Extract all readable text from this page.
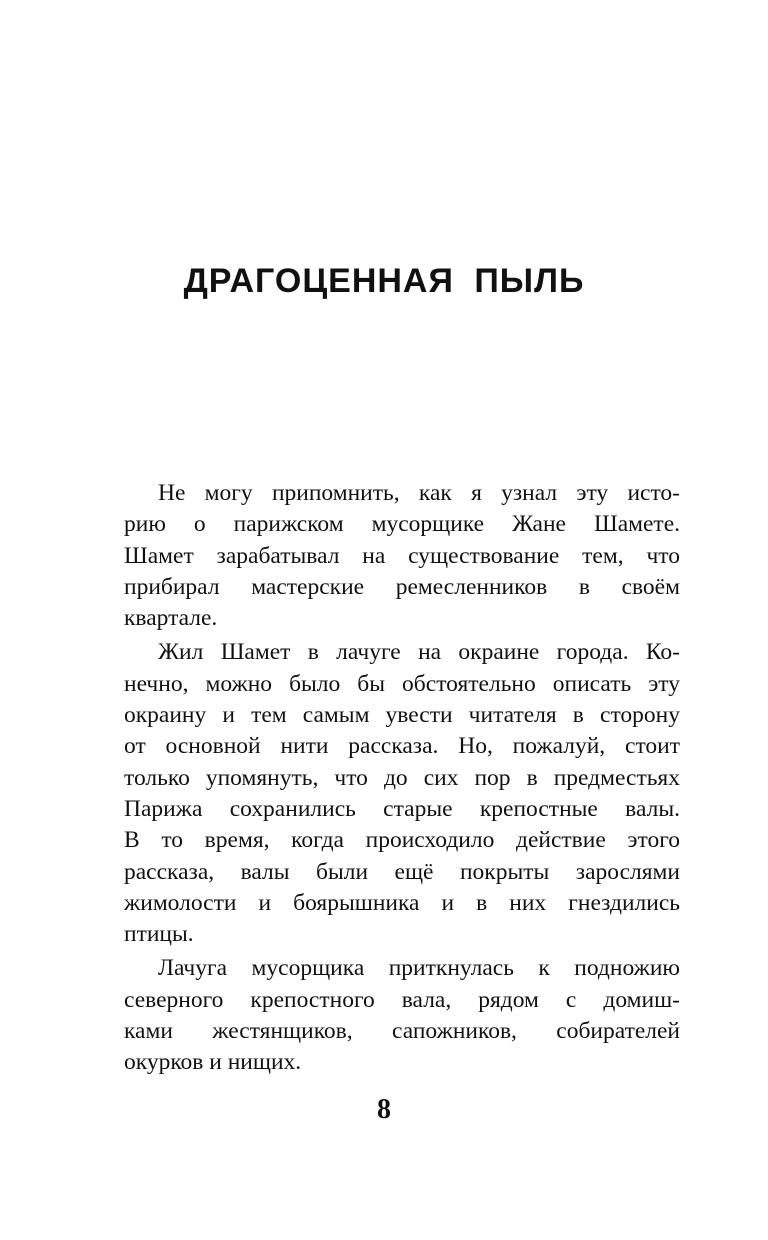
ДРАГОЦЕННАЯ ПЫЛЬ
Не могу припомнить, как я узнал эту исто-
рию о парижском мусорщике Жане Шамете.
Шамет зарабатывал на существование тем, что
прибирал мастерские ремесленников в своём
квартале.
Жил Шамет в лачуге на окраине города. Ко-
нечно, можно было бы обстоятельно описать эту
окраину и тем самым увести читателя в сторону
от основной нити рассказа. Но, пожалуй, стоит
только упомянуть, что до сих пор в предместьях
Парижа сохранились старые крепостные валы.
В то время, когда происходило действие этого
рассказа, валы были ещё покрыты зарослями
жимолости и боярышника и в них гнездились
птицы.
Лачуга мусорщика приткнулась к подножию
северного крепостного вала, рядом с домиш-
ками жестянщиков, сапожников, собирателей
окурков и нищих.
8
